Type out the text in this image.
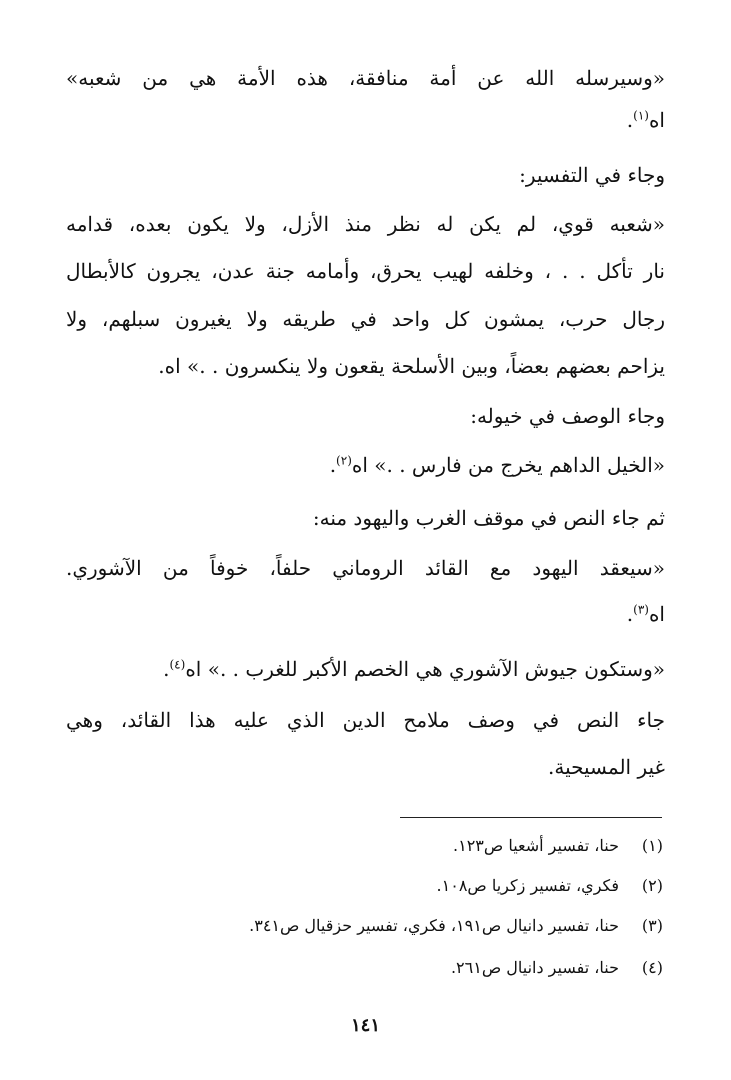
«وسيرسله الله عن أمة منافقة، هذه الأمة هي من شعبه»
اه$^{(١)}$.
وجاء في التفسير:
«شعبه قوي، لم يكن له نظر منذ الأزل، ولا يكون بعده، قدامه
نار تأكل . . ، وخلفه لهيب يحرق، وأمامه جنة عدن، يجرون كالأبطال
رجال حرب، يمشون كل واحد في طريقه ولا يغيرون سبلهم، ولا
يزاحم بعضهم بعضاً، وبين الأسلحة يقعون ولا ينكسرون . .» اه.
وجاء الوصف في خيوله:
«الخيل الداهم يخرج من فارس . .» اه$^{(٢)}$.
ثم جاء النص في موقف الغرب واليهود منه:
«سيعقد اليهود مع القائد الروماني حلفاً، خوفاً من الآشوري.
اه$^{(٣)}$.
«وستكون جيوش الآشوري هي الخصم الأكبر للغرب . .» اه$^{(٤)}$.
جاء النص في وصف ملامح الدين الذي عليه هذا القائد، وهي
غير المسيحية.
(١)حنا، تفسير أشعيا ص١٢٣.
(٢)فكري، تفسير زكريا ص١٠٨.
(٣)حنا، تفسير دانيال ص١٩١، فكري، تفسير حزقيال ص٣٤١.
(٤)حنا، تفسير دانيال ص٢٦١.
١٤١
